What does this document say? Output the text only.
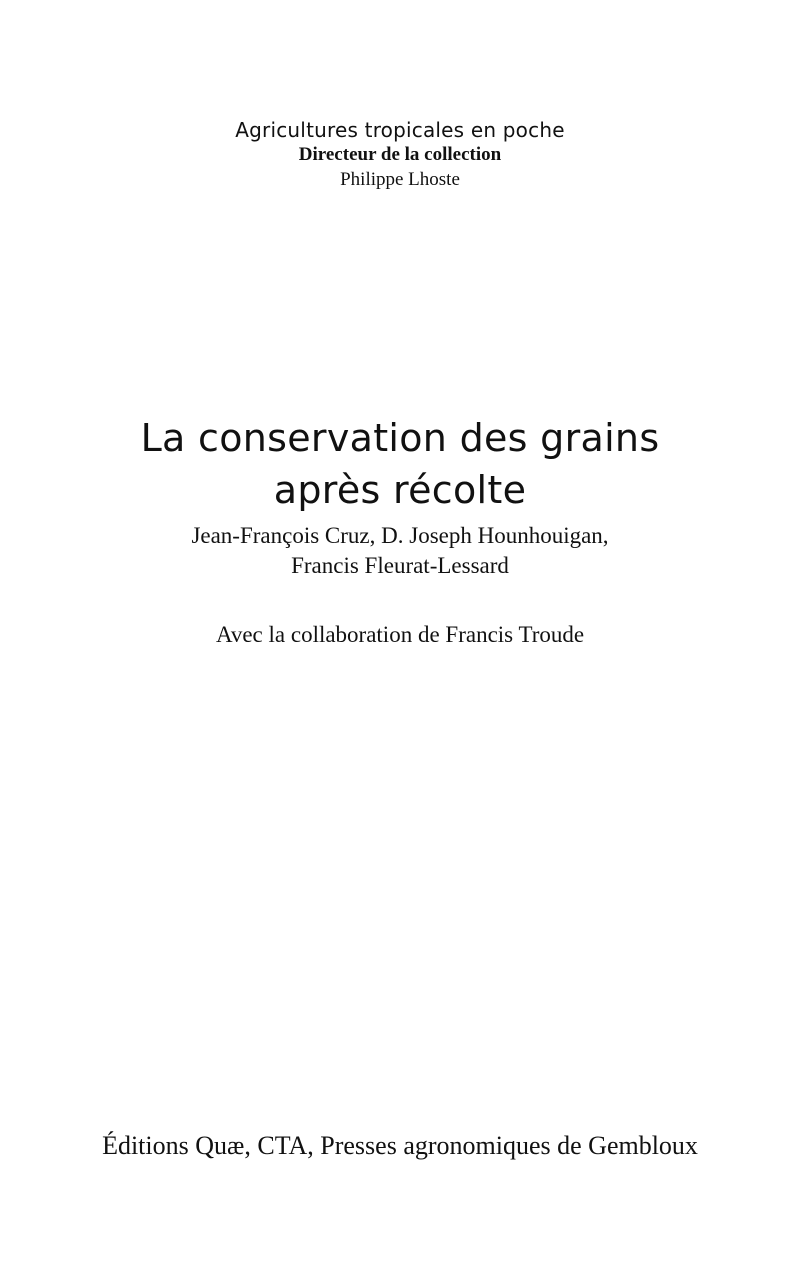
Agricultures tropicales en poche
Directeur de la collection
Philippe Lhoste
La conservation des grains
après récolte
Jean-François Cruz, D. Joseph Hounhouigan,
Francis Fleurat-Lessard
Avec la collaboration de Francis Troude
Éditions Quæ, CTA, Presses agronomiques de Gembloux
